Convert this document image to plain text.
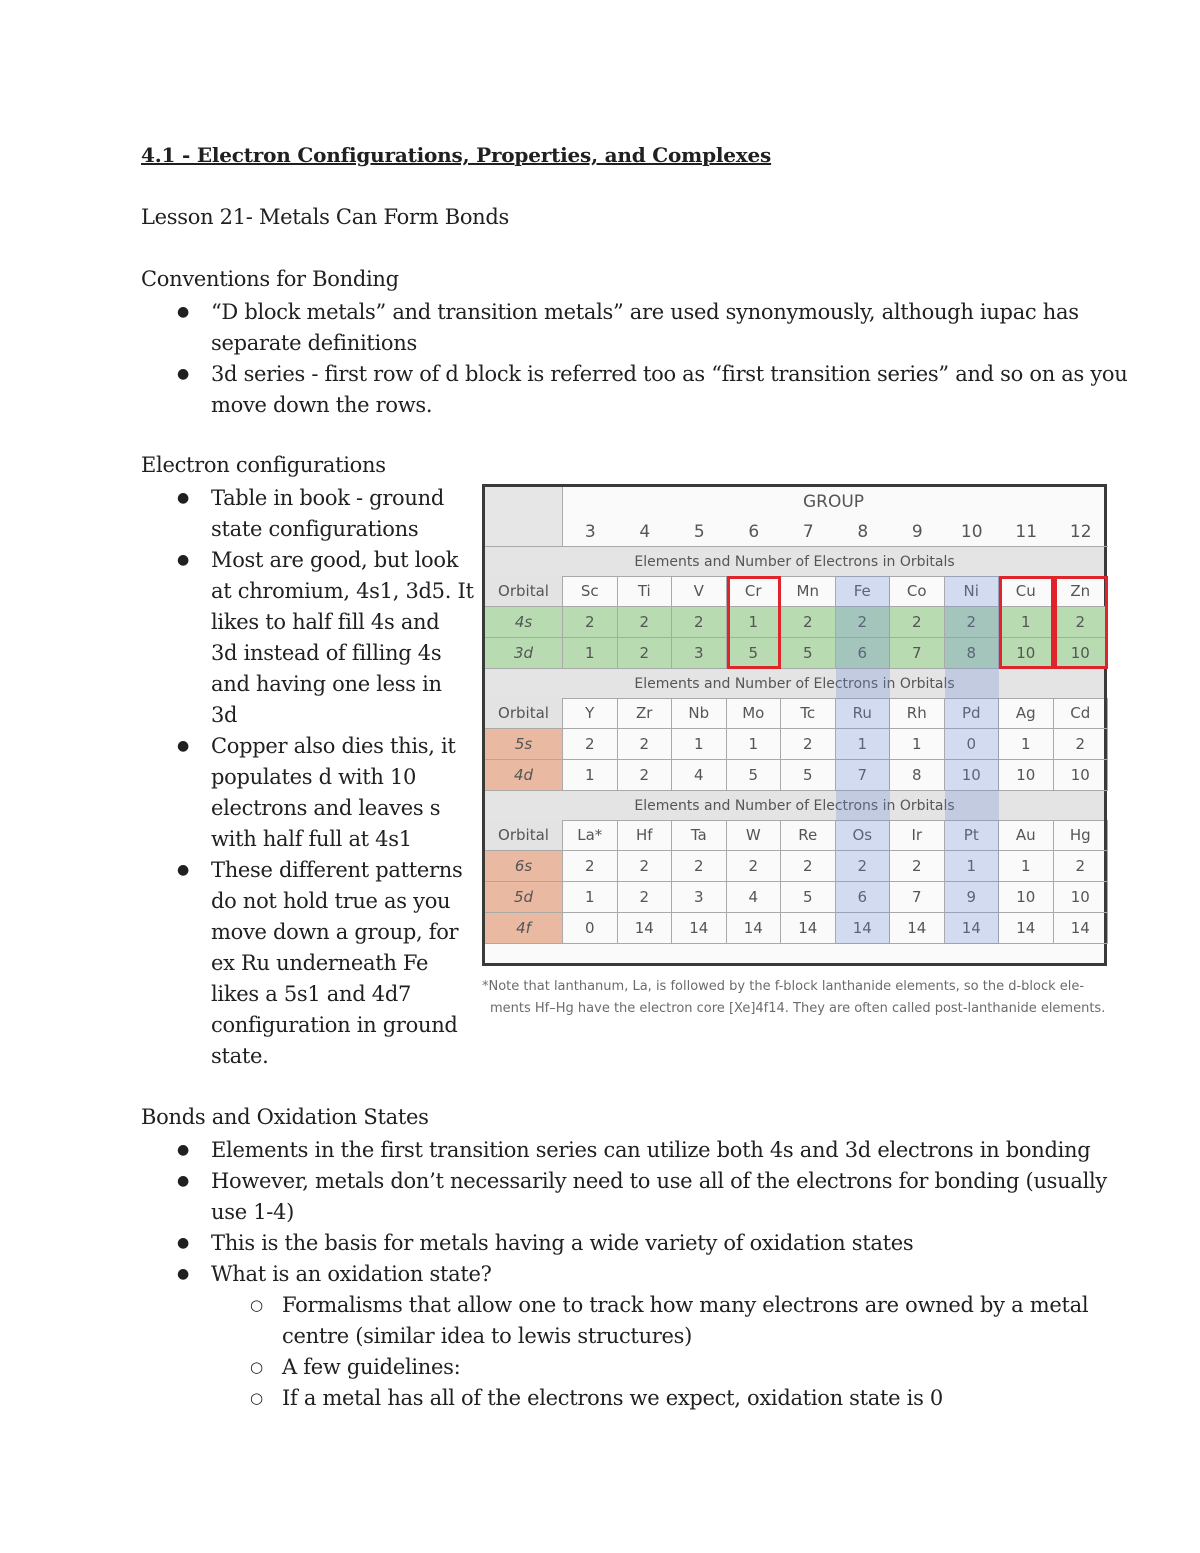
4.1 - Electron Configurations, Properties, and Complexes
Lesson 21- Metals Can Form Bonds
Conventions for Bonding
● “D block metals” and transition metals” are used synonymously, although iupac has
separate definitions
● 3d series - first row of d block is referred too as “first transition series” and so on as you
move down the rows.
Electron configurations
● Table in book - ground
state configurations
● Most are good, but look
at chromium, 4s1, 3d5. It
likes to half fill 4s and
3d instead of filling 4s
and having one less in
3d
● Copper also dies this, it
populates d with 10
electrons and leaves s
with half full at 4s1
● These different patterns
do not hold true as you
move down a group, for
ex Ru underneath Fe
likes a 5s1 and 4d7
configuration in ground
state.
GROUP
3	4	5	6	7	8	9	10	11	12
Elements and Number of Electrons in Orbitals
Orbital	Sc	Ti	V	Cr	Mn	Fe	Co	Ni	Cu	Zn
4s	2	2	2	1	2	2	2	2	1	2
3d	1	2	3	5	5	6	7	8	10	10
Elements and Number of Electrons in Orbitals
Orbital	Y	Zr	Nb	Mo	Tc	Ru	Rh	Pd	Ag	Cd
5s	2	2	1	1	2	1	1	0	1	2
4d	1	2	4	5	5	7	8	10	10	10
Elements and Number of Electrons in Orbitals
Orbital	La*	Hf	Ta	W	Re	Os	Ir	Pt	Au	Hg
6s	2	2	2	2	2	2	2	1	1	2
5d	1	2	3	4	5	6	7	9	10	10
4f	0	14	14	14	14	14	14	14	14	14
*Note that lanthanum, La, is followed by the f-block lanthanide elements, so the d-block ele-
ments Hf–Hg have the electron core [Xe]4f14. They are often called post-lanthanide elements.
Bonds and Oxidation States
● Elements in the first transition series can utilize both 4s and 3d electrons in bonding
● However, metals don’t necessarily need to use all of the electrons for bonding (usually
use 1-4)
● This is the basis for metals having a wide variety of oxidation states
● What is an oxidation state?
○ Formalisms that allow one to track how many electrons are owned by a metal
centre (similar idea to lewis structures)
○ A few guidelines:
○ If a metal has all of the electrons we expect, oxidation state is 0
